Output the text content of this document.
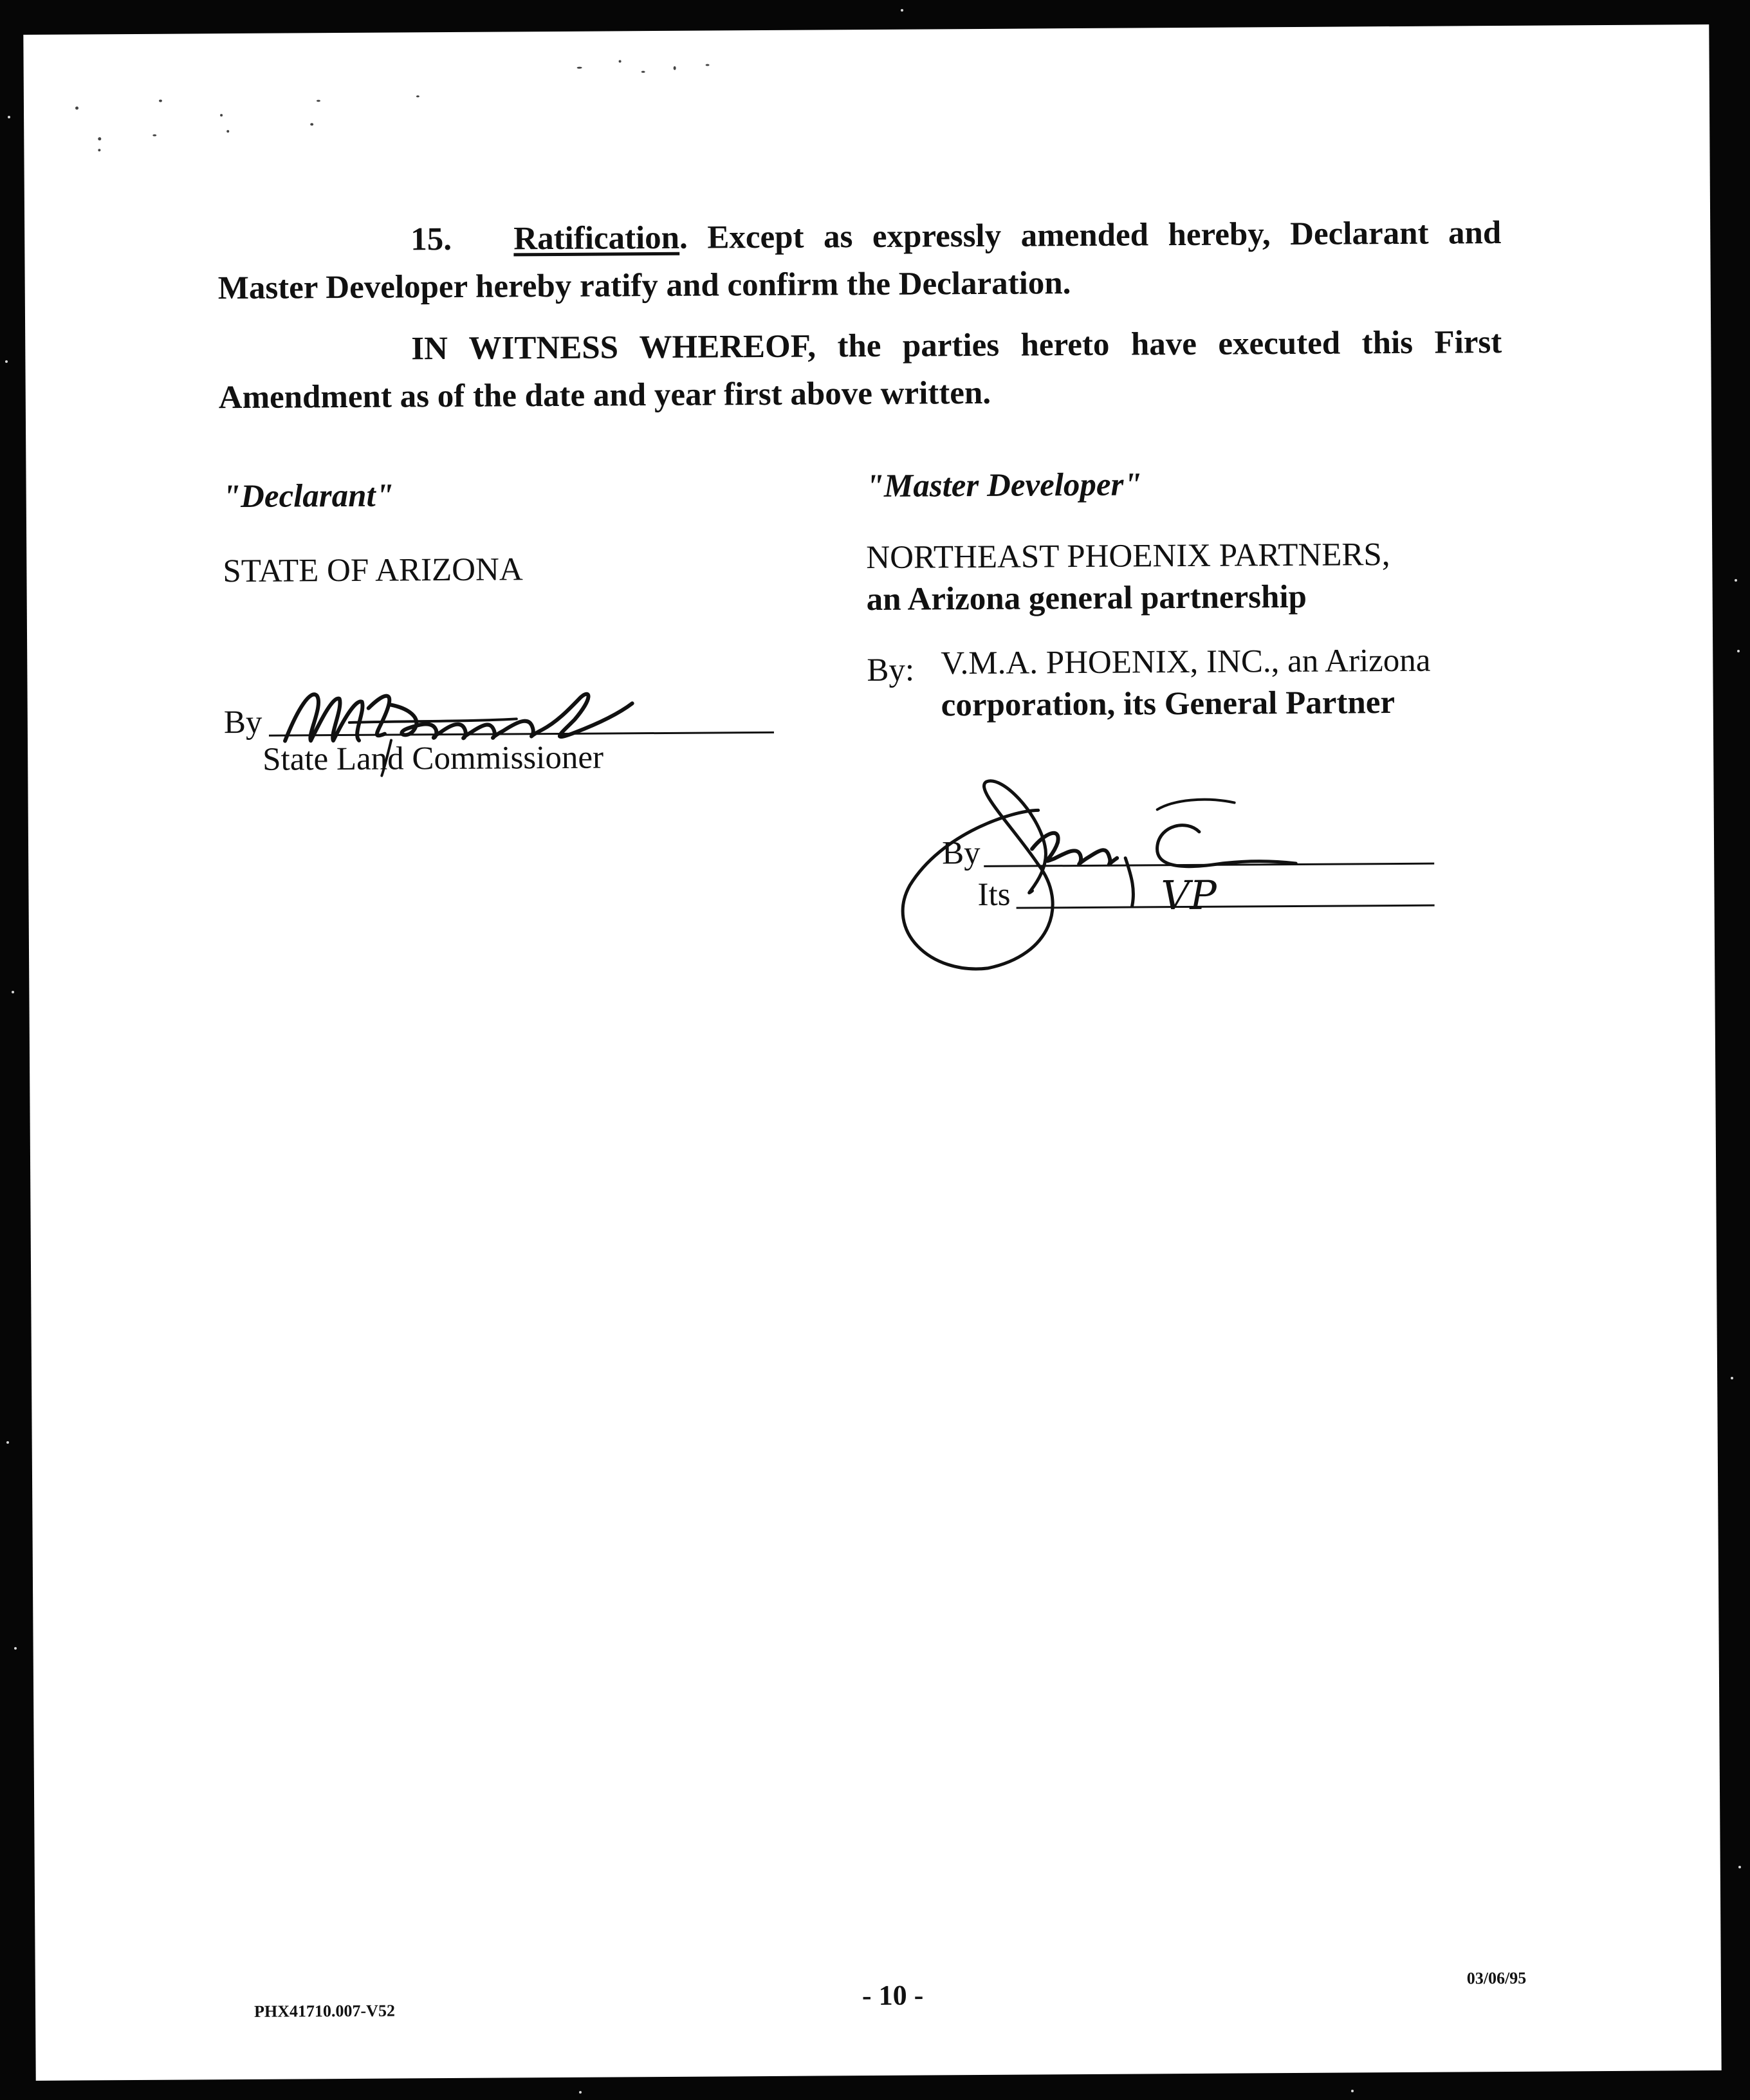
15. Ratification. Except as expressly amended hereby, Declarant and Master Developer hereby ratify and confirm the Declaration.
IN WITNESS WHEREOF, the parties hereto have executed this First Amendment as of the date and year first above written.
"Declarant"
STATE OF ARIZONA
By
State Land Commissioner
"Master Developer"
NORTHEAST PHOENIX PARTNERS,
an Arizona general partnership
By: V.M.A. PHOENIX, INC., an Arizona
corporation, its General Partner
By
Its	VP
PHX41710.007-V52	- 10 -
03/06/95
